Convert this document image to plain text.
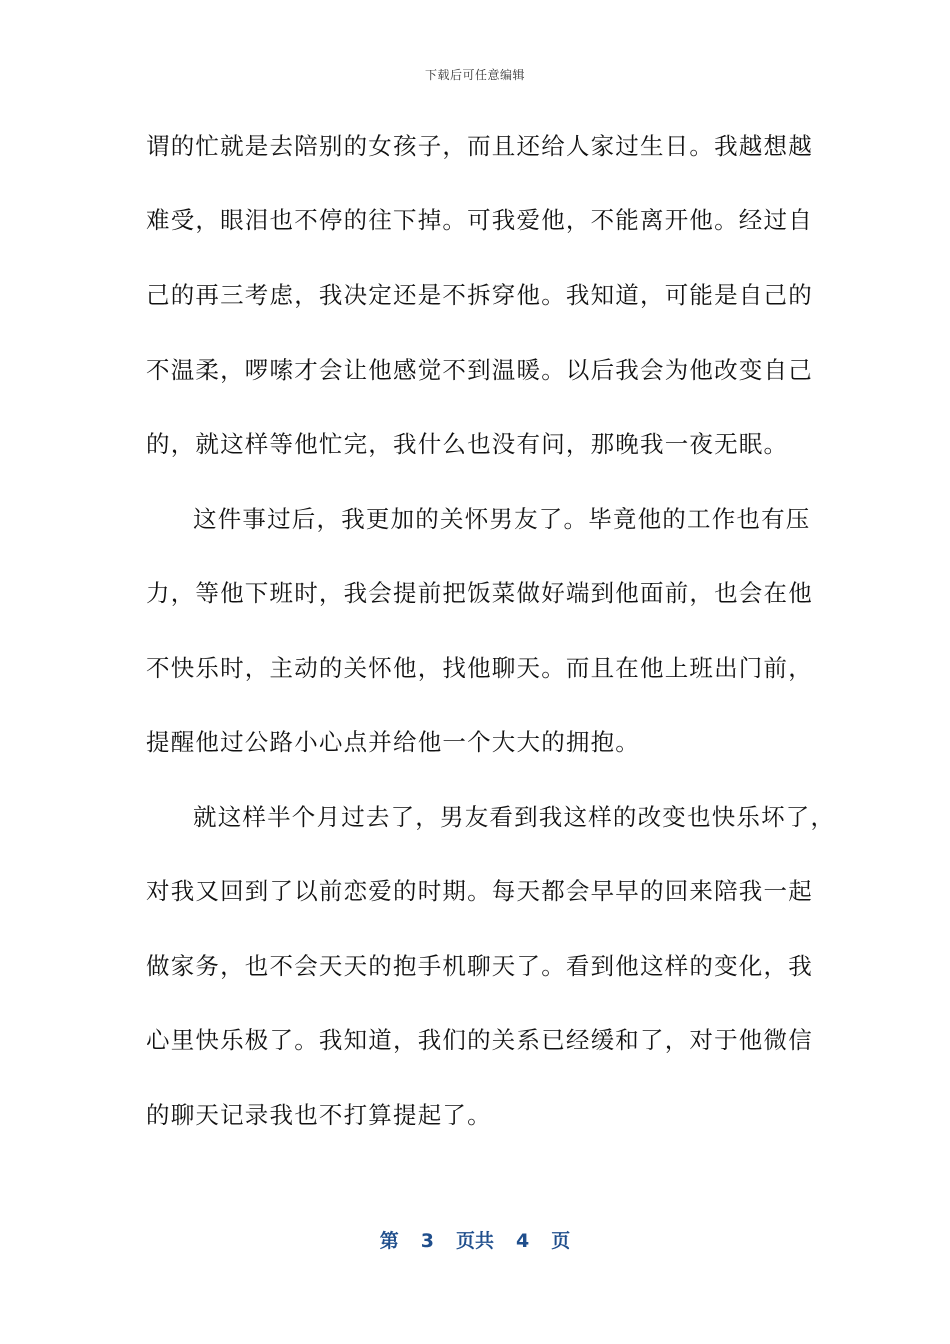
下载后可任意编辑
谓的忙就是去陪别的女孩子，而且还给人家过生日。我越想越
难受，眼泪也不停的往下掉。可我爱他，不能离开他。经过自
己的再三考虑，我决定还是不拆穿他。我知道，可能是自己的
不温柔，啰嗦才会让他感觉不到温暖。以后我会为他改变自己
的，就这样等他忙完，我什么也没有问，那晚我一夜无眠。
这件事过后，我更加的关怀男友了。毕竟他的工作也有压
力，等他下班时，我会提前把饭菜做好端到他面前，也会在他
不快乐时，主动的关怀他，找他聊天。而且在他上班出门前，
提醒他过公路小心点并给他一个大大的拥抱。
就这样半个月过去了，男友看到我这样的改变也快乐坏了，
对我又回到了以前恋爱的时期。每天都会早早的回来陪我一起
做家务，也不会天天的抱手机聊天了。看到他这样的变化，我
心里快乐极了。我知道，我们的关系已经缓和了，对于他微信
的聊天记录我也不打算提起了。
第 3 页共 4 页
